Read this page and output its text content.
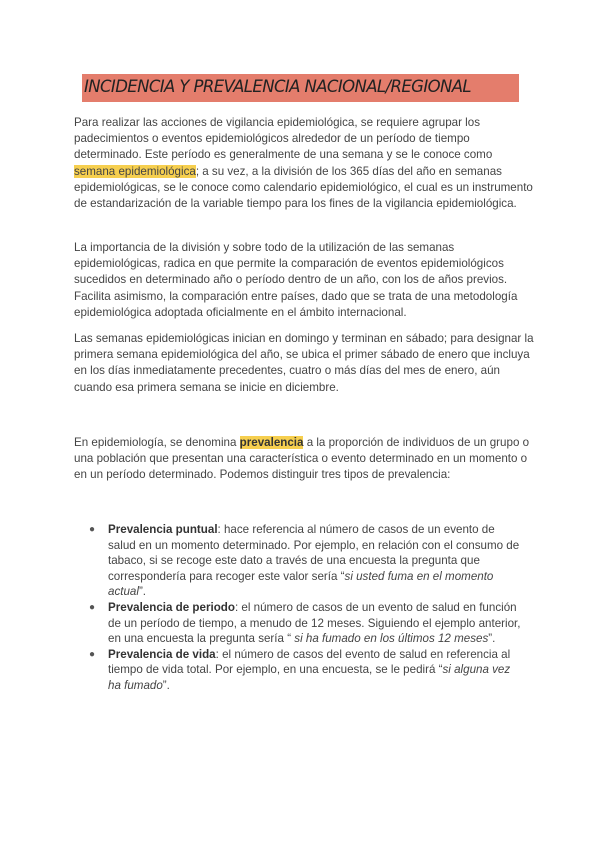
INCIDENCIA Y PREVALENCIA NACIONAL/REGIONAL

Para realizar las acciones de vigilancia epidemiológica, se requiere agrupar los padecimientos o eventos epidemiológicos alrededor de un período de tiempo determinado. Este período es generalmente de una semana y se le conoce como semana epidemiológica; a su vez, a la división de los 365 días del año en semanas epidemiológicas, se le conoce como calendario epidemiológico, el cual es un instrumento de estandarización de la variable tiempo para los fines de la vigilancia epidemiológica.

La importancia de la división y sobre todo de la utilización de las semanas epidemiológicas, radica en que permite la comparación de eventos epidemiológicos sucedidos en determinado año o período dentro de un año, con los de años previos. Facilita asimismo, la comparación entre países, dado que se trata de una metodología epidemiológica adoptada oficialmente en el ámbito internacional.

Las semanas epidemiológicas inician en domingo y terminan en sábado; para designar la primera semana epidemiológica del año, se ubica el primer sábado de enero que incluya en los días inmediatamente precedentes, cuatro o más días del mes de enero, aún cuando esa primera semana se inicie en diciembre.

En epidemiología, se denomina prevalencia a la proporción de individuos de un grupo o una población que presentan una característica o evento determinado en un momento o en un período determinado. Podemos distinguir tres tipos de prevalencia:

● Prevalencia puntual: hace referencia al número de casos de un evento de salud en un momento determinado. Por ejemplo, en relación con el consumo de tabaco, si se recoge este dato a través de una encuesta la pregunta que correspondería para recoger este valor sería “si usted fuma en el momento actual”.
● Prevalencia de periodo: el número de casos de un evento de salud en función de un período de tiempo, a menudo de 12 meses. Siguiendo el ejemplo anterior, en una encuesta la pregunta sería “ si ha fumado en los últimos 12 meses”.
● Prevalencia de vida: el número de casos del evento de salud en referencia al tiempo de vida total. Por ejemplo, en una encuesta, se le pedirá “si alguna vez ha fumado”.
